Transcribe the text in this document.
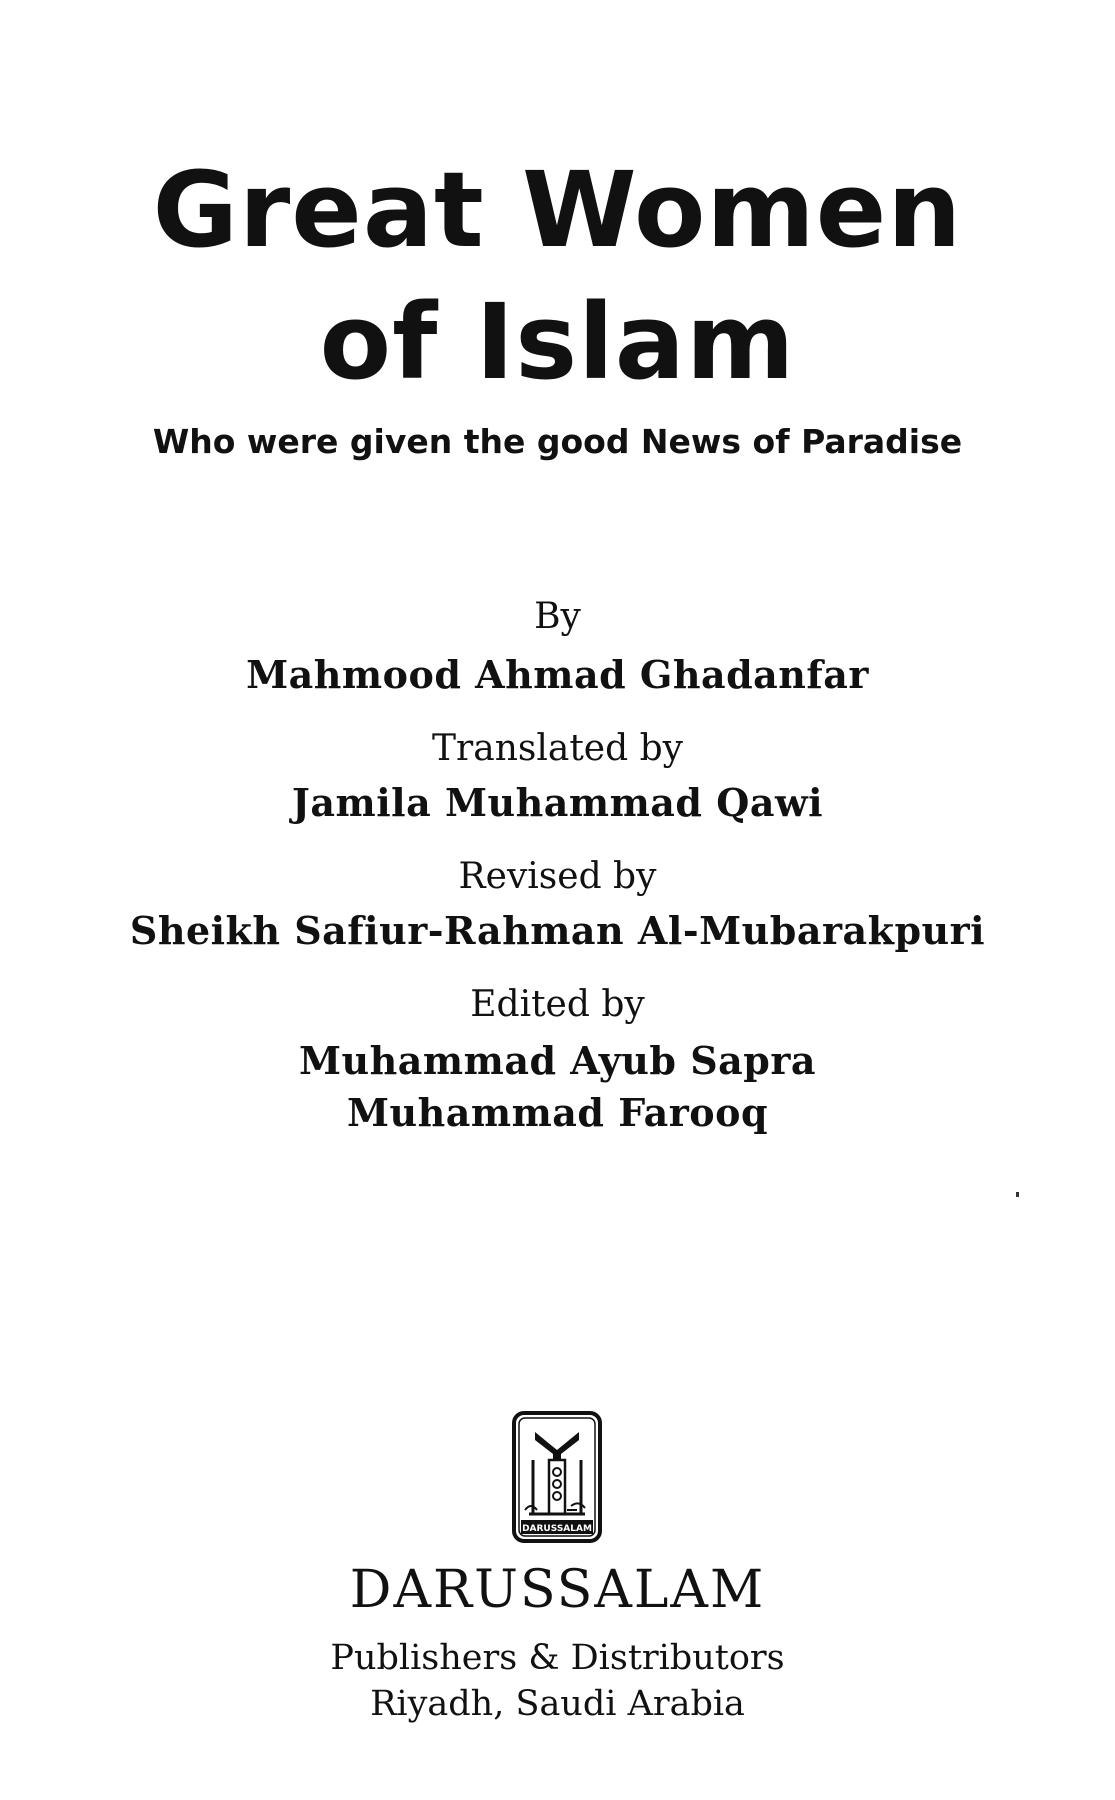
Great Women
of Islam
Who were given the good News of Paradise
By
Mahmood Ahmad Ghadanfar
Translated by
Jamila Muhammad Qawi
Revised by
Sheikh Safiur-Rahman Al-Mubarakpuri
Edited by
Muhammad Ayub Sapra
Muhammad Farooq
DARUSSALAM
DARUSSALAM
Publishers & Distributors
Riyadh, Saudi Arabia
